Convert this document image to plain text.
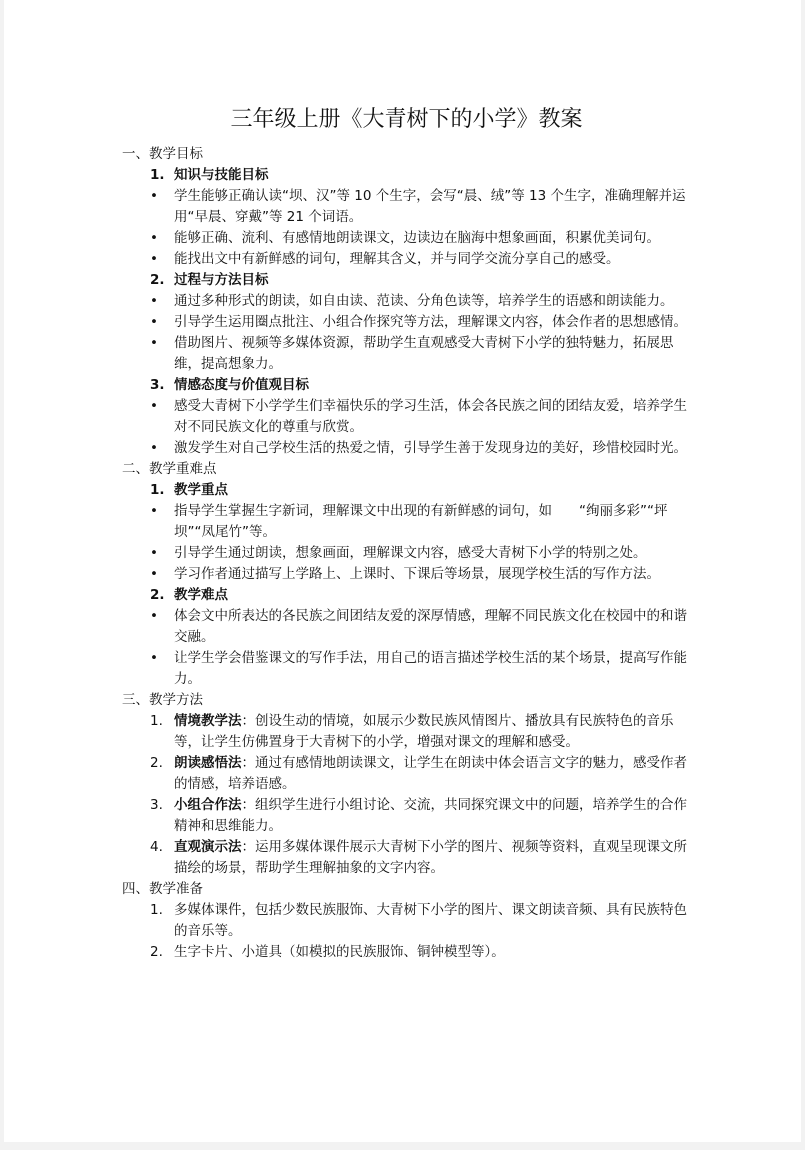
三年级上册《大青树下的小学》教案

一、教学目标

1. 知识与技能目标

• 学生能够正确认读“坝、汉”等 10 个生字，会写“晨、绒”等 13 个生字，准确理解并运用“早晨、穿戴”等 21 个词语。

• 能够正确、流利、有感情地朗读课文，边读边在脑海中想象画面，积累优美词句。

• 能找出文中有新鲜感的词句，理解其含义，并与同学交流分享自己的感受。

2. 过程与方法目标

• 通过多种形式的朗读，如自由读、范读、分角色读等，培养学生的语感和朗读能力。

• 引导学生运用圈点批注、小组合作探究等方法，理解课文内容，体会作者的思想感情。

• 借助图片、视频等多媒体资源，帮助学生直观感受大青树下小学的独特魅力，拓展思维，提高想象力。

3. 情感态度与价值观目标

• 感受大青树下小学学生们幸福快乐的学习生活，体会各民族之间的团结友爱，培养学生对不同民族文化的尊重与欣赏。

• 激发学生对自己学校生活的热爱之情，引导学生善于发现身边的美好，珍惜校园时光。

二、教学重难点

1. 教学重点

• 指导学生掌握生字新词，理解课文中出现的有新鲜感的词句，如　　“绚丽多彩”“坪坝”“凤尾竹”等。

• 引导学生通过朗读，想象画面，理解课文内容，感受大青树下小学的特别之处。

• 学习作者通过描写上学路上、上课时、下课后等场景，展现学校生活的写作方法。

2. 教学难点

• 体会文中所表达的各民族之间团结友爱的深厚情感，理解不同民族文化在校园中的和谐交融。

• 让学生学会借鉴课文的写作手法，用自己的语言描述学校生活的某个场景，提高写作能力。

三、教学方法

1. 情境教学法：创设生动的情境，如展示少数民族风情图片、播放具有民族特色的音乐等，让学生仿佛置身于大青树下的小学，增强对课文的理解和感受。

2. 朗读感悟法：通过有感情地朗读课文，让学生在朗读中体会语言文字的魅力，感受作者的情感，培养语感。

3. 小组合作法：组织学生进行小组讨论、交流，共同探究课文中的问题，培养学生的合作精神和思维能力。

4. 直观演示法：运用多媒体课件展示大青树下小学的图片、视频等资料，直观呈现课文所描绘的场景，帮助学生理解抽象的文字内容。

四、教学准备

1. 多媒体课件，包括少数民族服饰、大青树下小学的图片、课文朗读音频、具有民族特色的音乐等。

2. 生字卡片、小道具（如模拟的民族服饰、铜钟模型等）。
